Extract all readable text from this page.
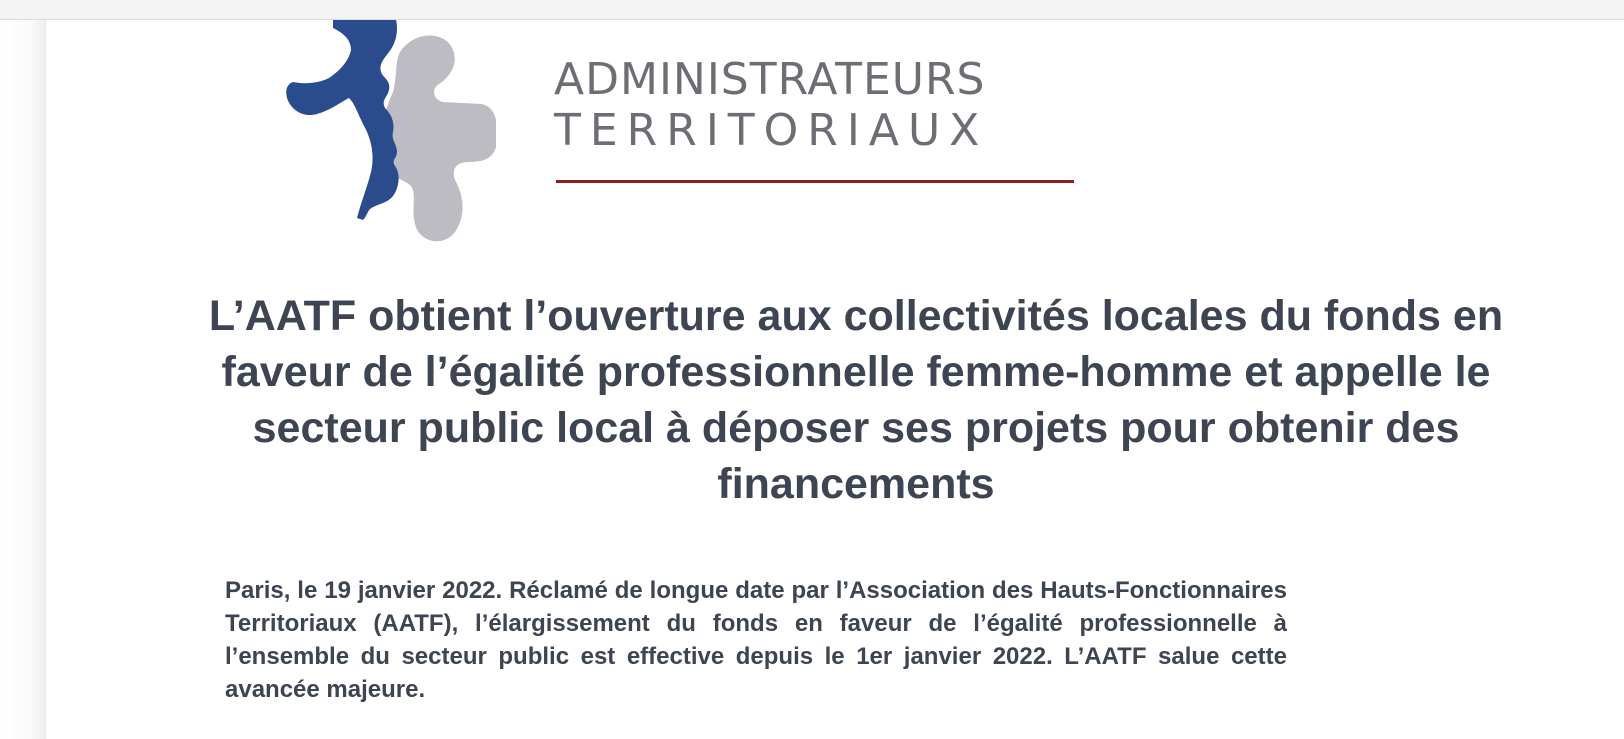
ADMINISTRATEURS
TERRITORIAUX
L’AATF obtient l’ouverture aux collectivités locales du fonds en faveur de l’égalité professionnelle femme-homme et appelle le secteur public local à déposer ses projets pour obtenir des financements

Paris, le 19 janvier 2022. Réclamé de longue date par l’Association des Hauts-Fonctionnaires Territoriaux (AATF), l’élargissement du fonds en faveur de l’égalité professionnelle à l’ensemble du secteur public est effective depuis le 1er janvier 2022. L’AATF salue cette avancée majeure.
